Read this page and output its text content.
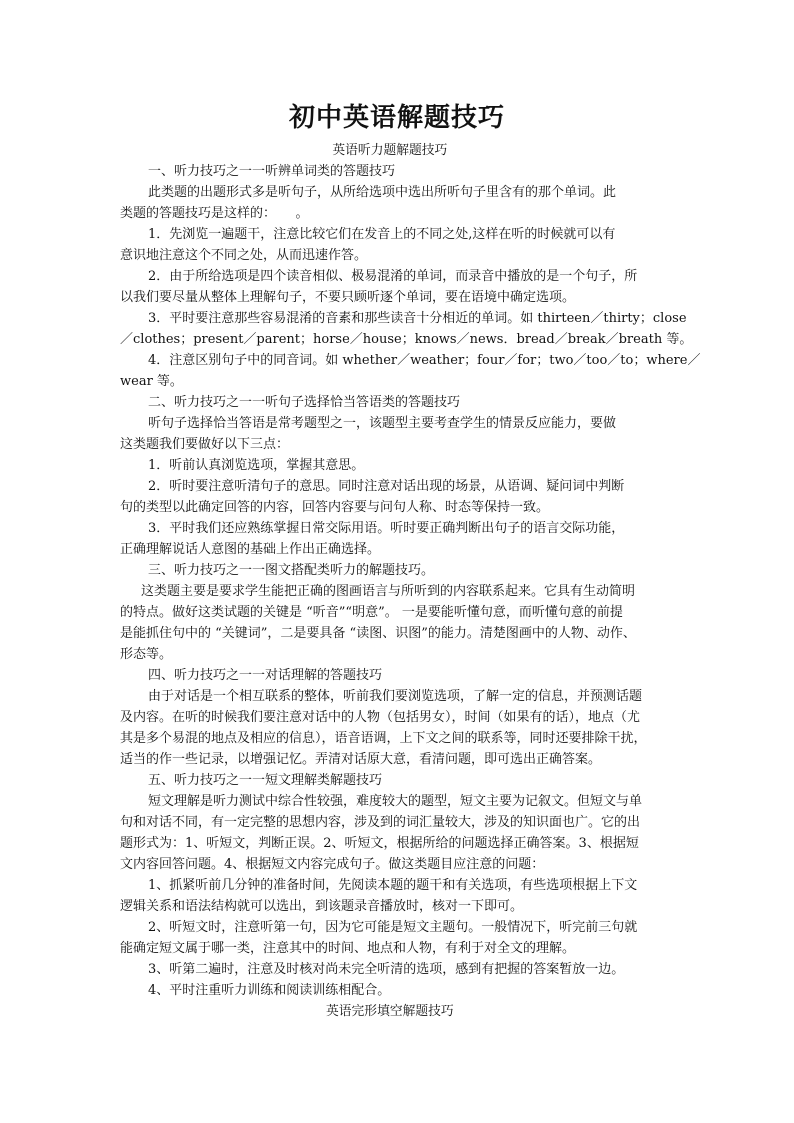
初中英语解题技巧
英语听力题解题技巧
一、听力技巧之一一听辨单词类的答题技巧
此类题的出题形式多是听句子，从所给选项中选出所听句子里含有的那个单词。此
类题的答题技巧是这样的：　　。
1．先浏览一遍题干，注意比较它们在发音上的不同之处,这样在听的时候就可以有
意识地注意这个不同之处，从而迅速作答。
2．由于所给选项是四个读音相似、极易混淆的单词，而录音中播放的是一个句子，所
以我们要尽量从整体上理解句子，不要只顾听逐个单词，要在语境中确定选项。
3．平时要注意那些容易混淆的音素和那些读音十分相近的单词。如 thirteen／thirty；close
／clothes；present／parent；horse／house；knows／news．bread／break／breath 等。
4．注意区别句子中的同音词。如 whether／weather；four／for；two／too／to；where／
wear 等。
二、听力技巧之一一听句子选择恰当答语类的答题技巧
听句子选择恰当答语是常考题型之一，该题型主要考查学生的情景反应能力，要做
这类题我们要做好以下三点：
1．听前认真浏览选项，掌握其意思。
2．听时要注意听清句子的意思。同时注意对话出现的场景，从语调、疑问词中判断
句的类型以此确定回答的内容，回答内容要与问句人称、时态等保持一致。
3．平时我们还应熟练掌握日常交际用语。听时要正确判断出句子的语言交际功能，
正确理解说话人意图的基础上作出正确选择。
三、听力技巧之一一图文搭配类听力的解题技巧。
这类题主要是要求学生能把正确的图画语言与所听到的内容联系起来。它具有生动简明
的特点。做好这类试题的关键是 “听音”“明意”。 一是要能听懂句意，而听懂句意的前提
是能抓住句中的 “关键词”，二是要具备 “读图、识图”的能力。清楚图画中的人物、动作、
形态等。
四、听力技巧之一一对话理解的答题技巧
由于对话是一个相互联系的整体，听前我们要浏览选项，了解一定的信息，并预测话题
及内容。在听的时候我们要注意对话中的人物（包括男女），时间（如果有的话），地点（尤
其是多个易混的地点及相应的信息），语音语调，上下文之间的联系等，同时还要排除干扰，
适当的作一些记录，以增强记忆。弄清对话原大意，看清问题，即可选出正确答案。
五、听力技巧之一一短文理解类解题技巧
短文理解是听力测试中综合性较强，难度较大的题型，短文主要为记叙文。但短文与单
句和对话不同，有一定完整的思想内容，涉及到的词汇量较大，涉及的知识面也广。它的出
题形式为：1、听短文，判断正误。2、听短文，根据所给的问题选择正确答案。3、根据短
文内容回答问题。4、根据短文内容完成句子。做这类题目应注意的问题：
1、抓紧听前几分钟的准备时间，先阅读本题的题干和有关选项，有些选项根据上下文
逻辑关系和语法结构就可以选出，到该题录音播放时，核对一下即可。
2、听短文时，注意听第一句，因为它可能是短文主题句。一般情况下，听完前三句就
能确定短文属于哪一类，注意其中的时间、地点和人物，有利于对全文的理解。
3、听第二遍时，注意及时核对尚未完全听清的选项，感到有把握的答案暂放一边。
4、平时注重听力训练和阅读训练相配合。
英语完形填空解题技巧
